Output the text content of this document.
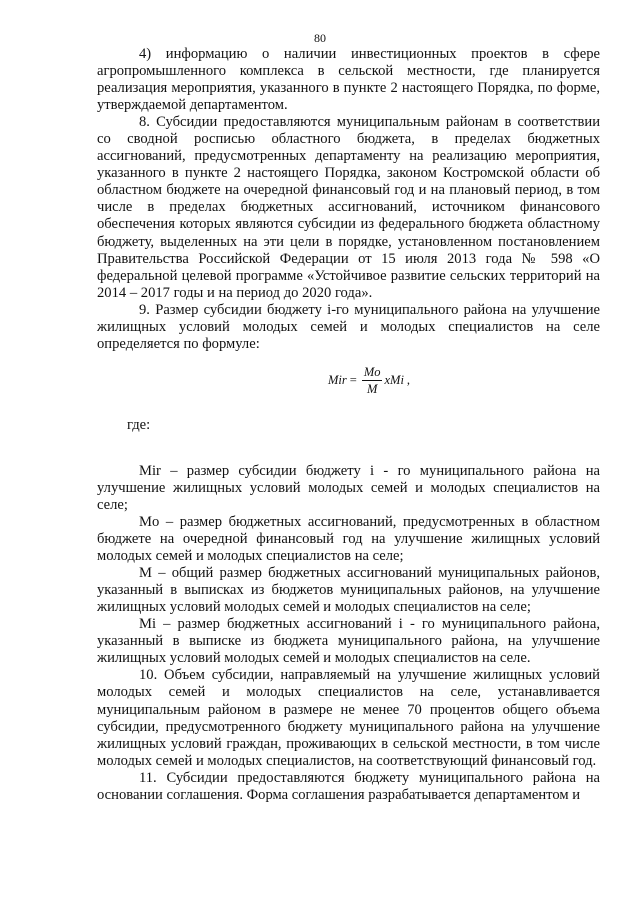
80

4) информацию о наличии инвестиционных проектов в сфере агропромышленного комплекса в сельской местности, где планируется реализация мероприятия, указанного в пункте 2 настоящего Порядка, по форме, утверждаемой департаментом.

8. Субсидии предоставляются муниципальным районам в соответствии со сводной росписью областного бюджета, в пределах бюджетных ассигнований, предусмотренных департаменту на реализацию мероприятия, указанного в пункте 2 настоящего Порядка, законом Костромской области об областном бюджете на очередной финансовый год и на плановый период, в том числе в пределах бюджетных ассигнований, источником финансового обеспечения которых являются субсидии из федерального бюджета областному бюджету, выделенных на эти цели в порядке, установленном постановлением Правительства Российской Федерации от 15 июля 2013 года № 598 «О федеральной целевой программе «Устойчивое развитие сельских территорий на 2014 – 2017 годы и на период до 2020 года».

9. Размер субсидии бюджету i-го муниципального района на улучшение жилищных условий молодых семей и молодых специалистов на селе определяется по формуле:

Mir = $\frac{Mo}{M}$ xMi ,

где:

Mir – размер субсидии бюджету i - го муниципального района на улучшение жилищных условий молодых семей и молодых специалистов на селе;

Mo – размер бюджетных ассигнований, предусмотренных в областном бюджете на очередной финансовый год на улучшение жилищных условий молодых семей и молодых специалистов на селе;

M – общий размер бюджетных ассигнований муниципальных районов, указанный в выписках из бюджетов муниципальных районов, на улучшение жилищных условий молодых семей и молодых специалистов на селе;

Mi – размер бюджетных ассигнований i - го муниципального района, указанный в выписке из бюджета муниципального района, на улучшение жилищных условий молодых семей и молодых специалистов на селе.

10. Объем субсидии, направляемый на улучшение жилищных условий молодых семей и молодых специалистов на селе, устанавливается муниципальным районом в размере не менее 70 процентов общего объема субсидии, предусмотренного бюджету муниципального района на улучшение жилищных условий граждан, проживающих в сельской местности, в том числе молодых семей и молодых специалистов, на соответствующий финансовый год.

11. Субсидии предоставляются бюджету муниципального района на основании соглашения. Форма соглашения разрабатывается департаментом и
